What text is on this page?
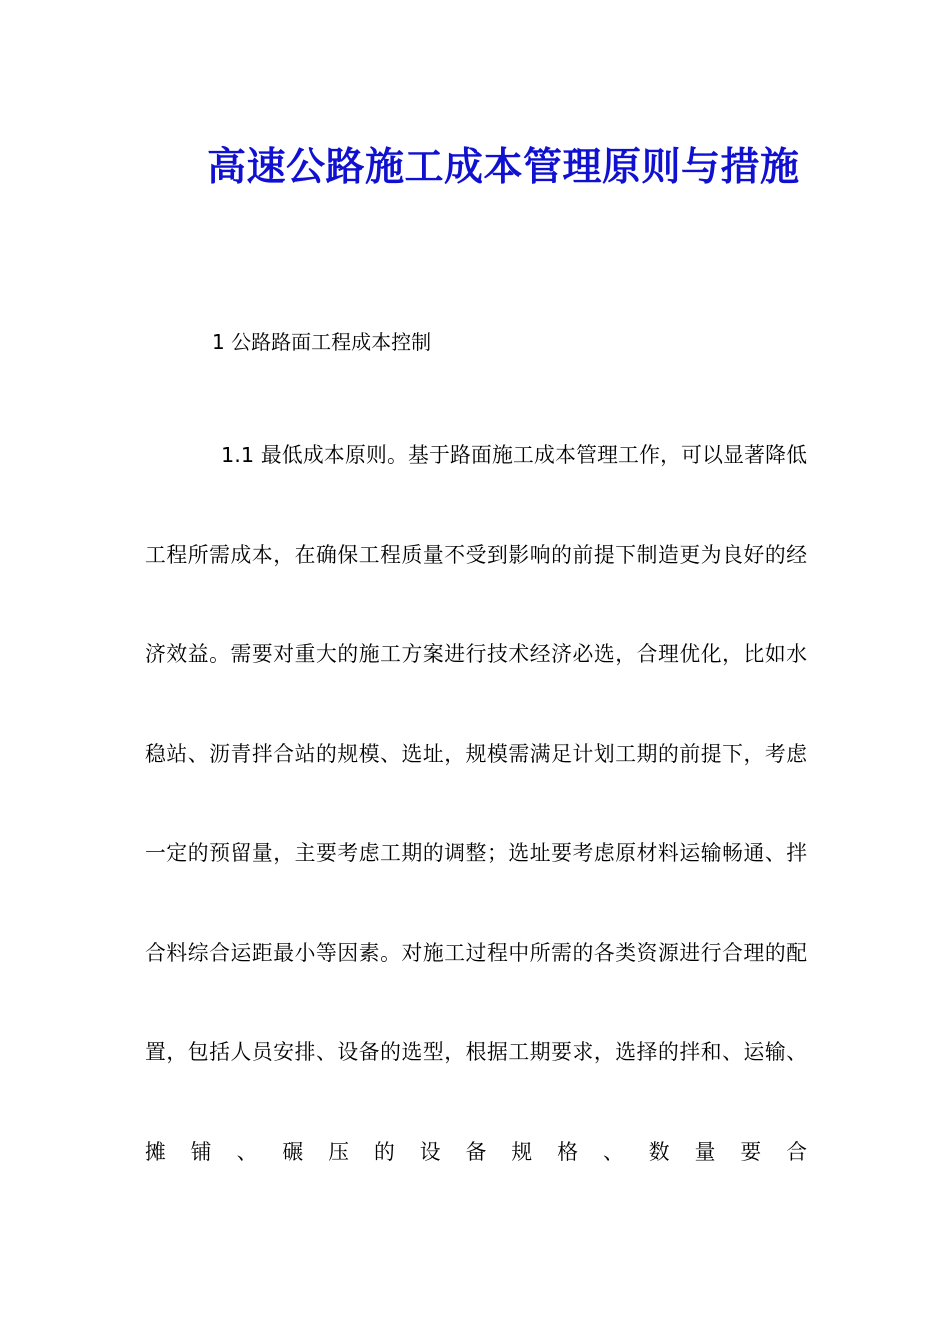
高速公路施工成本管理原则与措施

1 公路路面工程成本控制

1.1 最低成本原则。基于路面施工成本管理工作，可以显著降低工程所需成本，在确保工程质量不受到影响的前提下制造更为良好的经济效益。需要对重大的施工方案进行技术经济必选，合理优化，比如水稳站、沥青拌合站的规模、选址，规模需满足计划工期的前提下，考虑一定的预留量，主要考虑工期的调整；选址要考虑原材料运输畅通、拌合料综合运距最小等因素。对施工过程中所需的各类资源进行合理的配置，包括人员安排、设备的选型，根据工期要求，选择的拌和、运输、摊铺、碾压的设备规格、数量要合
